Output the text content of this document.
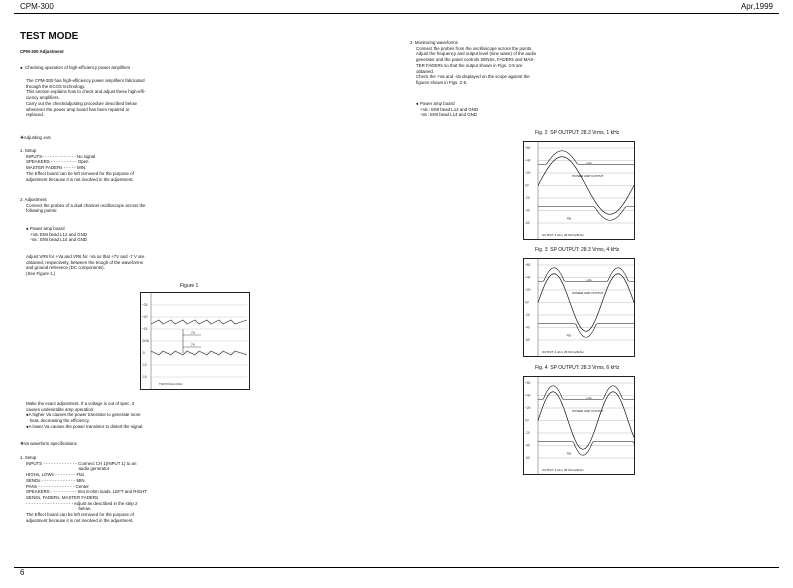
CPM-300	Apr,1999
6
TEST MODE
CPM-300 Adjustment
●  Checking operation of high-efficiency power amplifiers
The CPM-300 has high-efficiency power amplifiers fabricated
through the ECOS technology.
This section explains how to check and adjust these high-effi-
ciency amplifiers.
Carry out the check/adjusting procedure described below
whenever the power amp board has been repaired or
replaced.
❖Adjusting ±Va
1. Setup
INPUTS- - - - - - - - - - - - - No signal
SPEAKERS - - - - - - - - - - Open
MASTER FADERs - - - - - MIN.
The Effect board can be left removed for the purpose of
adjustment because it is not involved in the adjustment.
2. Adjustment
Connect the probes of a dual channel oscilloscope across the
following points:
● Power amp board
+Va: EMI bead L12 and GND
-Va : EMI bead L14 and GND
Adjust VR5 for +Va and VR6 for -Va so that +7V and -7 V are
obtained, respectively, between the trough of the waveforms
and ground reference (DC components).
(See Figure 1.)
Figure 1
+25
+20
+15
GND
-5
-10
-15
7V
7V
TD0.5V/10mV/div
Make the exact adjustment. If a voltage is out of spec, it
causes undesirable amp operation:
●A higher Va causes the power transistor to generate more
heat, decreasing the efficiency.
●A lower Va causes the power transistor to distort the signal.
❖Va waveform specifications
1. Setup
INPUTS - - - - - - - - - - - - - Connect CH 1(INPUT 1) to an
audio generator
HIGHs, LOWs - - - - - - - - Flat
SENDs - - - - - - - - - - - - - MIN
PANs - - - - - - - - - - - - - - Center
SPEAKERS - - - - - - - - - - Into 8-ohm loads, LEFT and RIGHT
SENSs, FADERs, MASTER FADERs
- - - - - - - - - - - - - - - - - - Adjust as described in the step 2
below.
The Effect board can be left removed for the purpose of
adjustment because it is not involved in the adjustment.
2. Monitoring waveforms
Connect the probes from the oscilloscope across the points.
Adjust the frequency and output level (sine wave) of the audio
generator and the panel controls SENSs, FADERs and MAS-
TER FADERs so that the output shown in Figs. 2-5 are
obtained.
Check the +Va and -Va displayed on the scope against the
figures shown in Figs. 2-5.
● Power amp board
+Va : EMI bead L12 and GND
-Va : EMI bead L14 and GND
Fig. 2  SP OUTPUT: 28.3 Vrms, 1 kHz
+60
+40
+20
0V
-20
-40
-60
+Va
POWER AMP OUTPUT
-Va
OUTPUT: 4 ohm, 28.3Vrms/8ohm
Fig. 3  SP OUTPUT: 28.3 Vrms, 4 kHz
+60
+40
+20
0V
-20
-40
-60
+Va
POWER AMP OUTPUT
-Va
OUTPUT: 4 ohm, 28.3Vrms/8ohm
Fig. 4  SP OUTPUT: 28.3 Vrms, 6 kHz
+60
+40
+20
0V
-20
-40
-60
+Va
POWER AMP OUTPUT
-Va
OUTPUT: 4 ohm, 28.3Vrms/8ohm
